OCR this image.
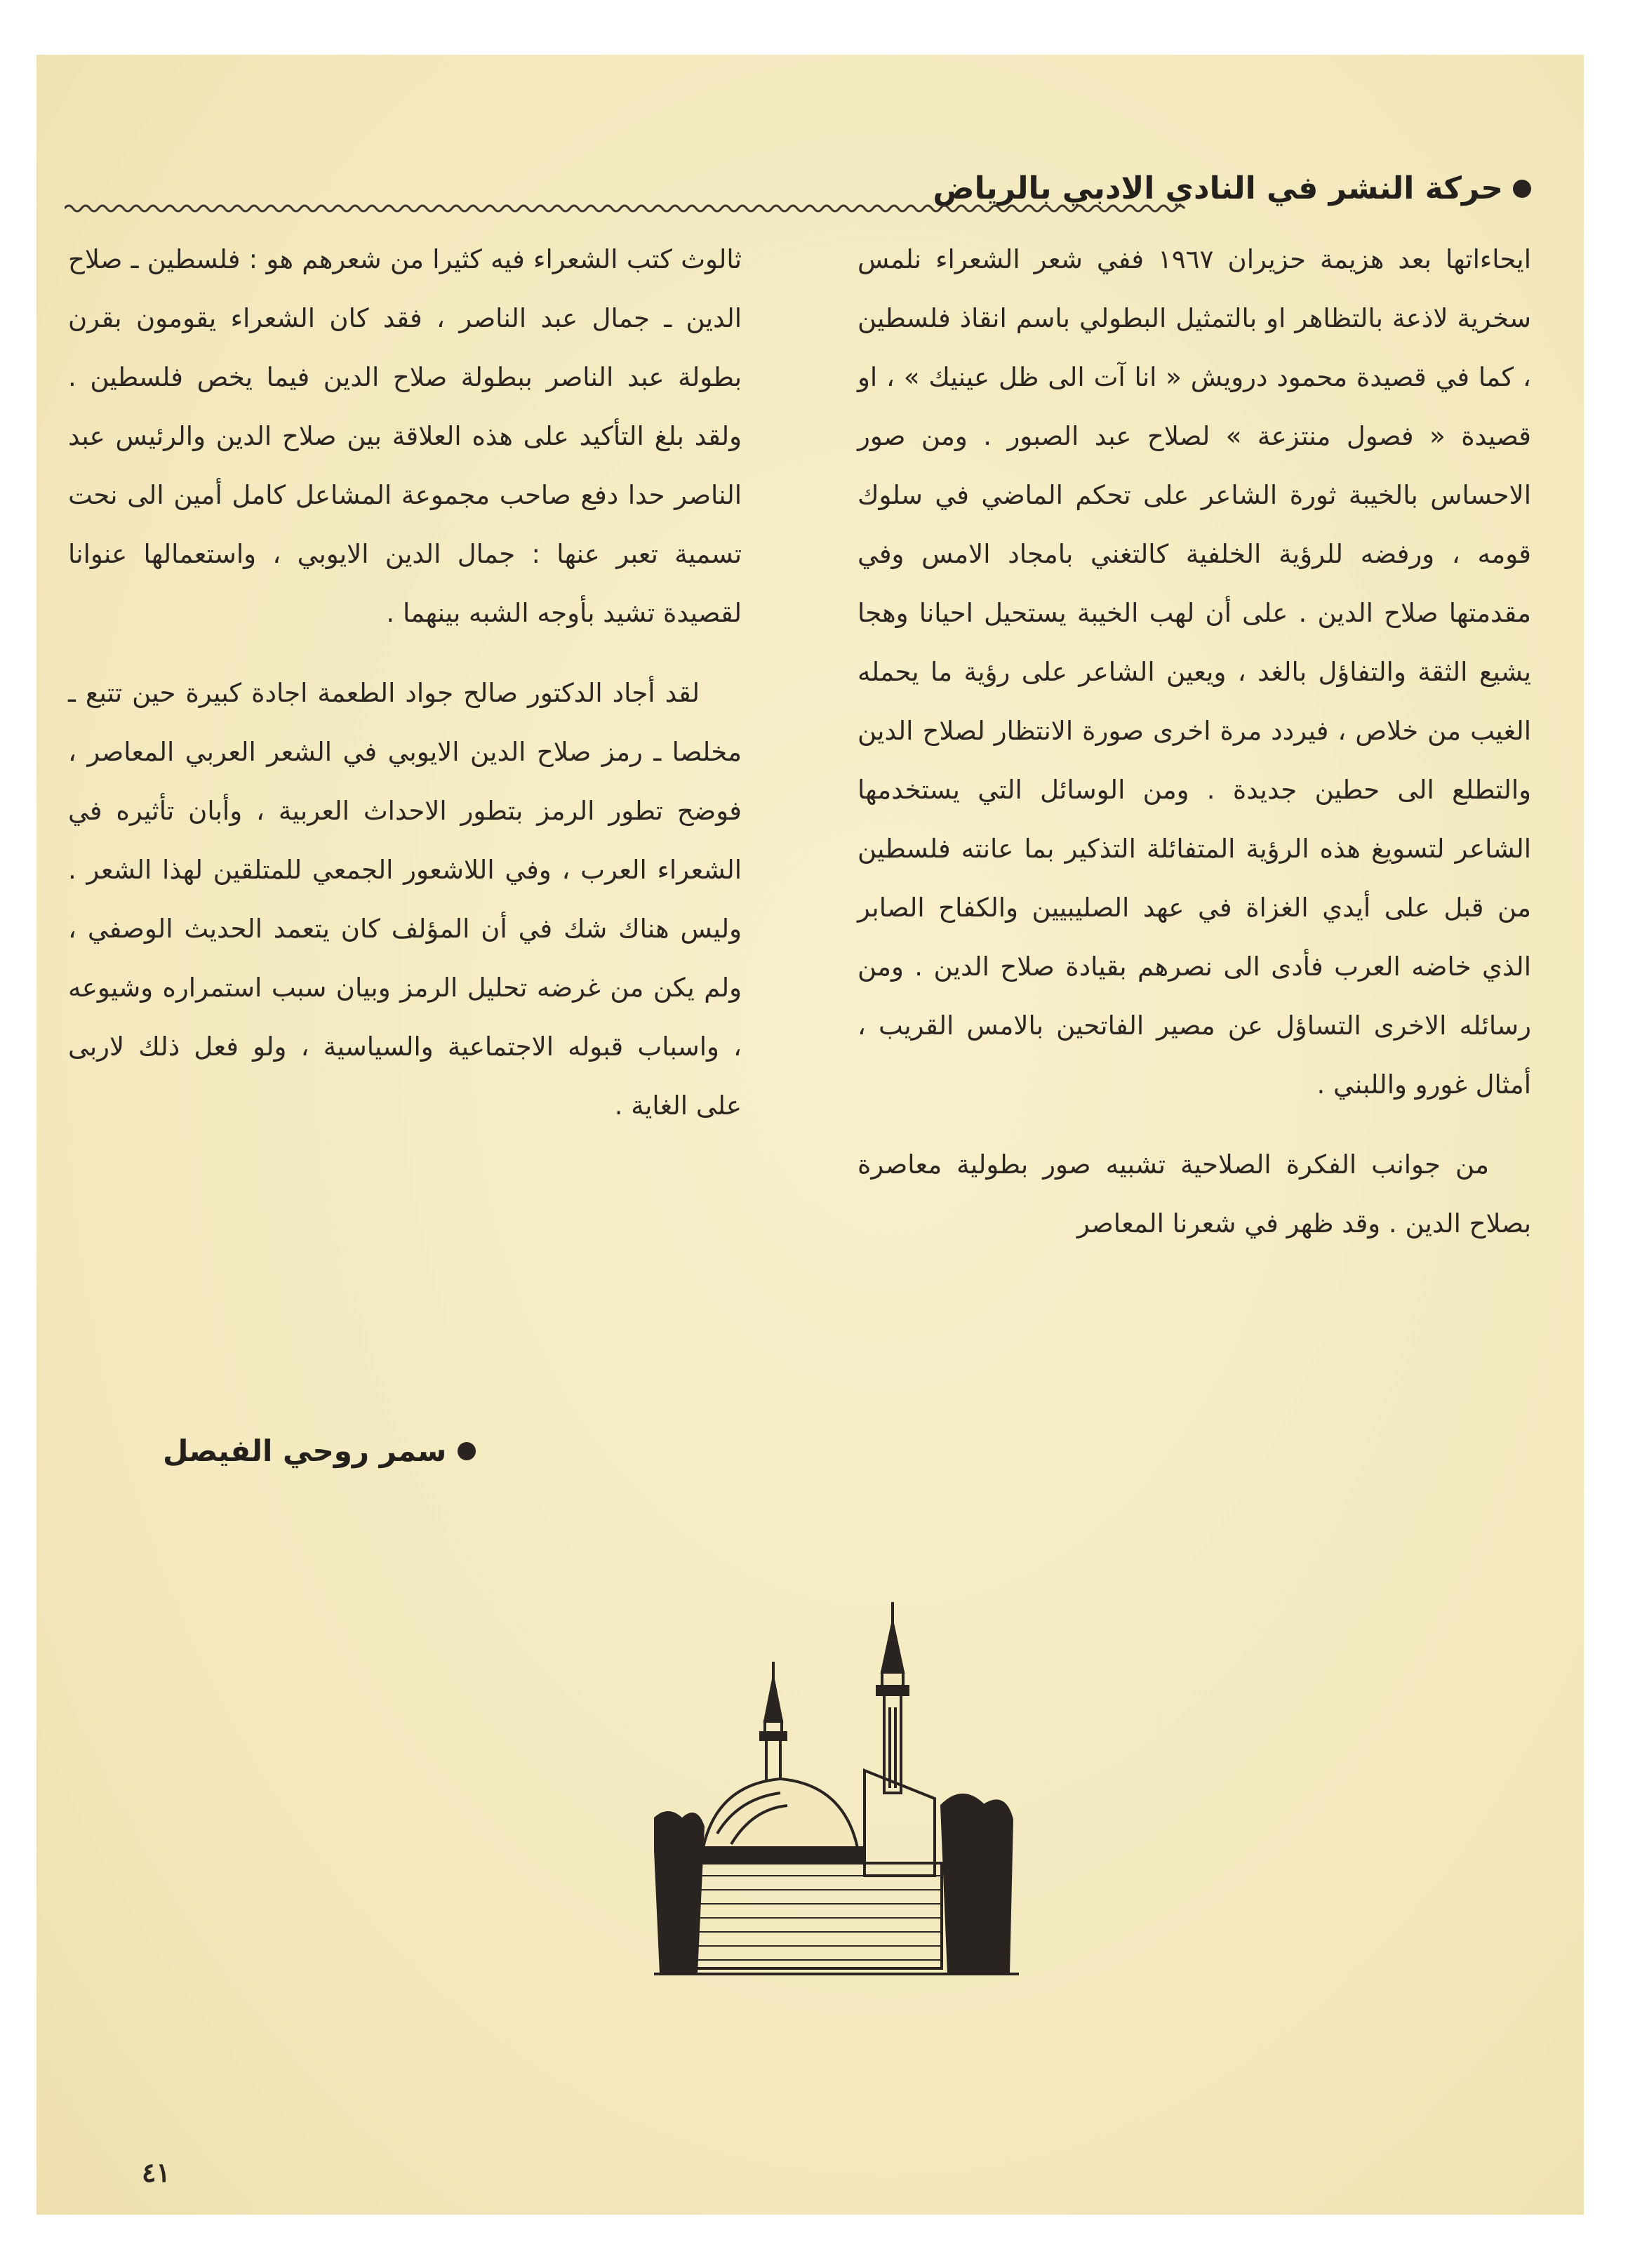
حركة النشر في النادي الادبي بالرياض

ايحاءاتها بعد هزيمة حزيران ١٩٦٧ ففي شعر الشعراء نلمس سخرية لاذعة بالتظاهر او بالتمثيل البطولي باسم انقاذ فلسطين ، كما في قصيدة محمود درويش « انا آت الى ظل عينيك » ، او قصيدة « فصول منتزعة » لصلاح عبد الصبور . ومن صور الاحساس بالخيبة ثورة الشاعر على تحكم الماضي في سلوك قومه ، ورفضه للرؤية الخلفية كالتغني بامجاد الامس وفي مقدمتها صلاح الدين . على أن لهب الخيبة يستحيل احيانا وهجا يشيع الثقة والتفاؤل بالغد ، ويعين الشاعر على رؤية ما يحمله الغيب من خلاص ، فيردد مرة اخرى صورة الانتظار لصلاح الدين والتطلع الى حطين جديدة . ومن الوسائل التي يستخدمها الشاعر لتسويغ هذه الرؤية المتفائلة التذكير بما عانته فلسطين من قبل على أيدي الغزاة في عهد الصليبيين والكفاح الصابر الذي خاضه العرب فأدى الى نصرهم بقيادة صلاح الدين . ومن رسائله الاخرى التساؤل عن مصير الفاتحين بالامس القريب ، أمثال غورو واللبني .

من جوانب الفكرة الصلاحية تشبيه صور بطولية معاصرة بصلاح الدين . وقد ظهر في شعرنا المعاصر

ثالوث كتب الشعراء فيه كثيرا من شعرهم هو : فلسطين ـ صلاح الدين ـ جمال عبد الناصر ، فقد كان الشعراء يقومون بقرن بطولة عبد الناصر ببطولة صلاح الدين فيما يخص فلسطين . ولقد بلغ التأكيد على هذه العلاقة بين صلاح الدين والرئيس عبد الناصر حدا دفع صاحب مجموعة المشاعل كامل أمين الى نحت تسمية تعبر عنها : جمال الدين الايوبي ، واستعمالها عنوانا لقصيدة تشيد بأوجه الشبه بينهما .

لقد أجاد الدكتور صالح جواد الطعمة اجادة كبيرة حين تتبع ـ مخلصا ـ رمز صلاح الدين الايوبي في الشعر العربي المعاصر ، فوضح تطور الرمز بتطور الاحداث العربية ، وأبان تأثيره في الشعراء العرب ، وفي اللاشعور الجمعي للمتلقين لهذا الشعر . وليس هناك شك في أن المؤلف كان يتعمد الحديث الوصفي ، ولم يكن من غرضه تحليل الرمز وبيان سبب استمراره وشيوعه ، واسباب قبوله الاجتماعية والسياسية ، ولو فعل ذلك لاربى على الغاية .

سمر روحي الفيصل
٤١
